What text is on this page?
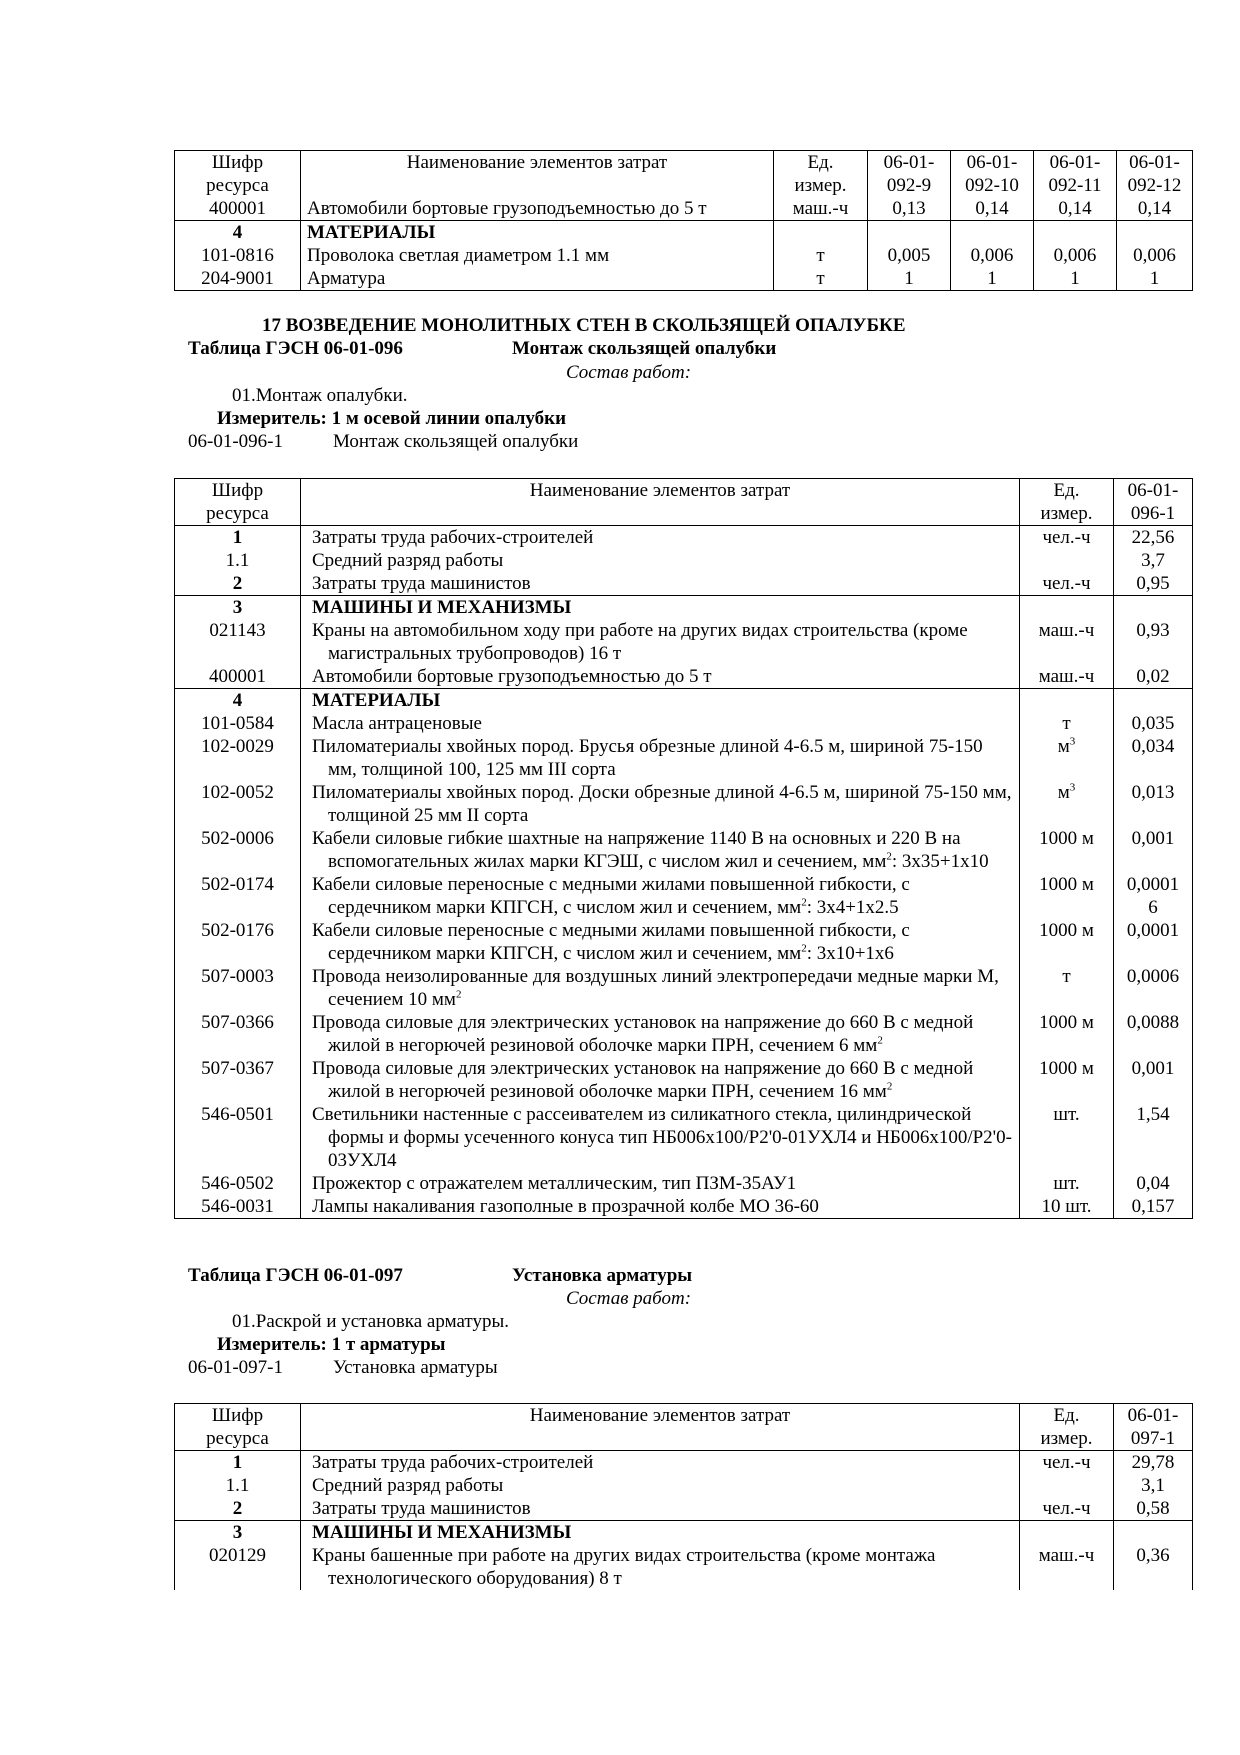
Шифр ресурса	Наименование элементов затрат	Ед. измер.	06-01-092-9	06-01-092-10	06-01-092-11	06-01-092-12
400001	Автомобили бортовые грузоподъемностью до 5 т	маш.-ч	0,13	0,14	0,14	0,14
4	МАТЕРИАЛЫ					
101-0816	Проволока светлая диаметром 1.1 мм	т	0,005	0,006	0,006	0,006
204-9001	Арматура	т	1	1	1	1
17 ВОЗВЕДЕНИЕ МОНОЛИТНЫХ СТЕН В СКОЛЬЗЯЩЕЙ ОПАЛУБКЕ
Таблица ГЭСН 06-01-096	Монтаж скользящей опалубки
Состав работ:
01.Монтаж опалубки.
Измеритель: 1 м осевой линии опалубки
06-01-096-1	Монтаж скользящей опалубки
Шифр ресурса	Наименование элементов затрат	Ед. измер.	06-01-096-1
1	Затраты труда рабочих-строителей	чел.-ч	22,56
1.1	Средний разряд работы		3,7
2	Затраты труда машинистов	чел.-ч	0,95
3	МАШИНЫ И МЕХАНИЗМЫ		
021143	Краны на автомобильном ходу при работе на других видах строительства (кроме магистральных трубопроводов) 16 т	маш.-ч	0,93
400001	Автомобили бортовые грузоподъемностью до 5 т	маш.-ч	0,02
4	МАТЕРИАЛЫ		
101-0584	Масла антраценовые	т	0,035
102-0029	Пиломатериалы хвойных пород. Брусья обрезные длиной 4-6.5 м, шириной 75-150 мм, толщиной 100, 125 мм III сорта	$м^3$	0,034
102-0052	Пиломатериалы хвойных пород. Доски обрезные длиной 4-6.5 м, шириной 75-150 мм, толщиной 25 мм II сорта	$м^3$	0,013
502-0006	Кабели силовые гибкие шахтные на напряжение 1140 В на основных и 220 В на вспомогательных жилах марки КГЭШ, с числом жил и сечением, $мм^2$: 3х35+1х10	1000 м	0,001
502-0174	Кабели силовые переносные с медными жилами повышенной гибкости, с сердечником марки КПГСН, с числом жил и сечением, $мм^2$: 3х4+1х2.5	1000 м	0,0001 6
502-0176	Кабели силовые переносные с медными жилами повышенной гибкости, с сердечником марки КПГСН, с числом жил и сечением, $мм^2$: 3х10+1х6	1000 м	0,0001
507-0003	Провода неизолированные для воздушных линий электропередачи медные марки М, сечением 10 $мм^2$	т	0,0006
507-0366	Провода силовые для электрических установок на напряжение до 660 В с медной жилой в негорючей резиновой оболочке марки ПРН, сечением 6 $мм^2$	1000 м	0,0088
507-0367	Провода силовые для электрических установок на напряжение до 660 В с медной жилой в негорючей резиновой оболочке марки ПРН, сечением 16 $мм^2$	1000 м	0,001
546-0501	Светильники настенные с рассеивателем из силикатного стекла, цилиндрической формы и формы усеченного конуса тип НБ006х100/Р2'0-01УХЛ4 и НБ006х100/Р2'0-03УХЛ4	шт.	1,54
546-0502	Прожектор с отражателем металлическим, тип ПЗМ-35АУ1	шт.	0,04
546-0031	Лампы накаливания газополные в прозрачной колбе МО 36-60	10 шт.	0,157
Таблица ГЭСН 06-01-097	Установка арматуры
Состав работ:
01.Раскрой и установка арматуры.
Измеритель: 1 т арматуры
06-01-097-1	Установка арматуры
Шифр ресурса	Наименование элементов затрат	Ед. измер.	06-01-097-1
1	Затраты труда рабочих-строителей	чел.-ч	29,78
1.1	Средний разряд работы		3,1
2	Затраты труда машинистов	чел.-ч	0,58
3	МАШИНЫ И МЕХАНИЗМЫ		
020129	Краны башенные при работе на других видах строительства (кроме монтажа технологического оборудования) 8 т	маш.-ч	0,36
